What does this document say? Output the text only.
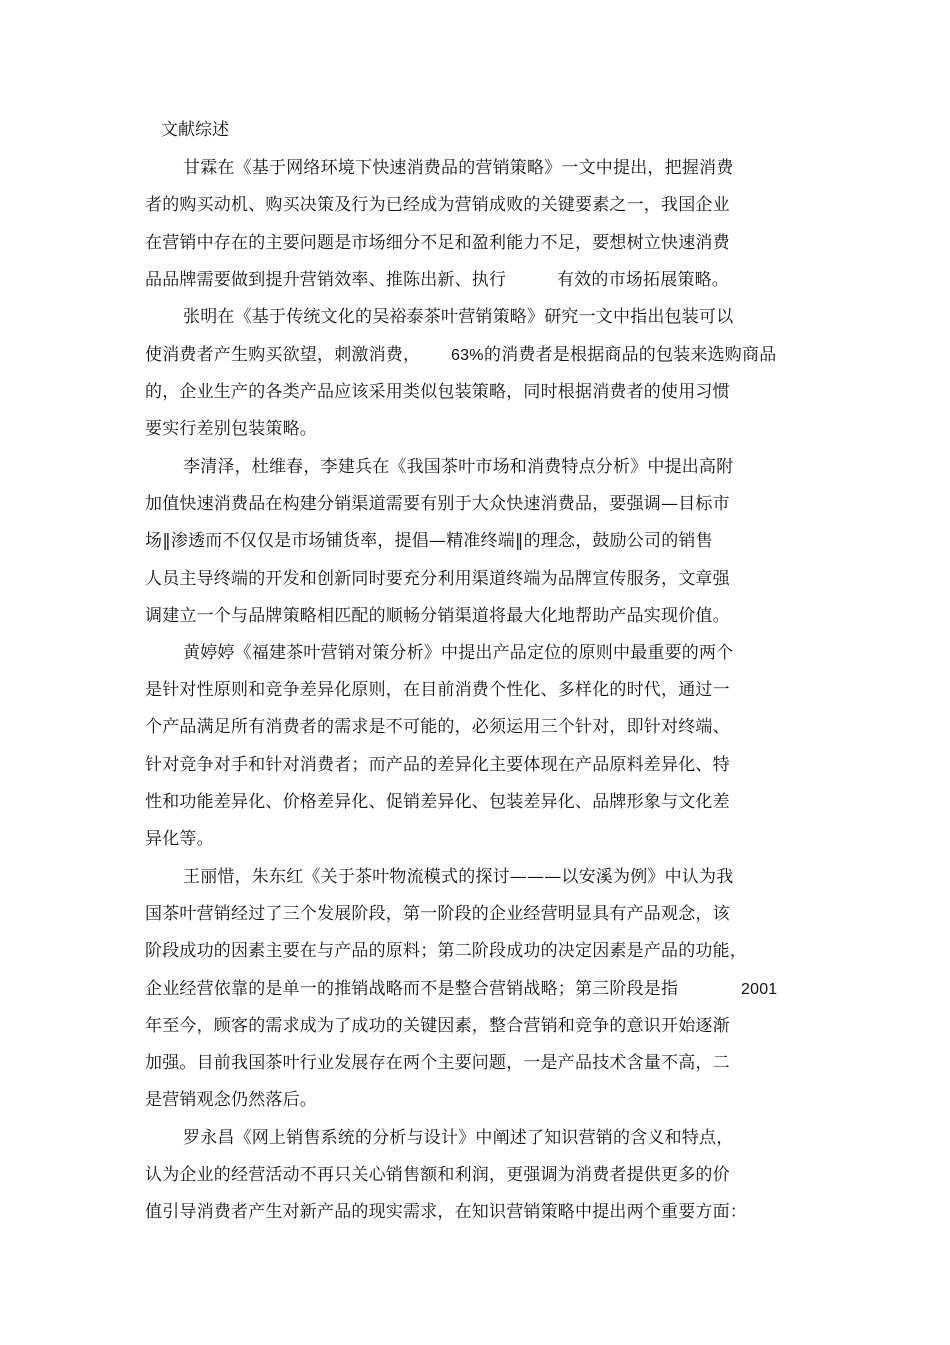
文献综述
甘霖在《基于网络环境下快速消费品的营销策略》一文中提出，把握消费
者的购买动机、购买决策及行为已经成为营销成败的关键要素之一，我国企业
在营销中存在的主要问题是市场细分不足和盈利能力不足，要想树立快速消费
品品牌需要做到提升营销效率、推陈出新、执行	有效的市场拓展策略。
张明在《基于传统文化的吴裕泰茶叶营销策略》研究一文中指出包装可以
使消费者产生购买欲望，刺激消费， 63% 的消费者是根据商品的包装来选购商品
的，企业生产的各类产品应该采用类似包装策略，同时根据消费者的使用习惯
要实行差别包装策略。
李清泽，杜维春，李建兵在《我国茶叶市场和消费特点分析》中提出高附
加值快速消费品在构建分销渠道需要有别于大众快速消费品，要强调—目标市
场‖渗透而不仅仅是市场铺货率，提倡—精准终端‖的理念，鼓励公司的销售
人员主导终端的开发和创新同时要充分利用渠道终端为品牌宣传服务，文章强
调建立一个与品牌策略相匹配的顺畅分销渠道将最大化地帮助产品实现价值。
黄婷婷《福建茶叶营销对策分析》中提出产品定位的原则中最重要的两个
是针对性原则和竞争差异化原则，在目前消费个性化、多样化的时代，通过一
个产品满足所有消费者的需求是不可能的，必须运用三个针对，即针对终端、
针对竞争对手和针对消费者；而产品的差异化主要体现在产品原料差异化、特
性和功能差异化、价格差异化、促销差异化、包装差异化、品牌形象与文化差
异化等。
王丽惜，朱东红《关于茶叶物流模式的探讨———以安溪为例》中认为我
国茶叶营销经过了三个发展阶段，第一阶段的企业经营明显具有产品观念，该
阶段成功的因素主要在与产品的原料；第二阶段成功的决定因素是产品的功能，
企业经营依靠的是单一的推销战略而不是整合营销战略；第三阶段是指	2001
年至今，顾客的需求成为了成功的关键因素，整合营销和竞争的意识开始逐渐
加强。目前我国茶叶行业发展存在两个主要问题，一是产品技术含量不高，二
是营销观念仍然落后。
罗永昌《网上销售系统的分析与设计》中阐述了知识营销的含义和特点，
认为企业的经营活动不再只关心销售额和利润，更强调为消费者提供更多的价
值引导消费者产生对新产品的现实需求，在知识营销策略中提出两个重要方面：
